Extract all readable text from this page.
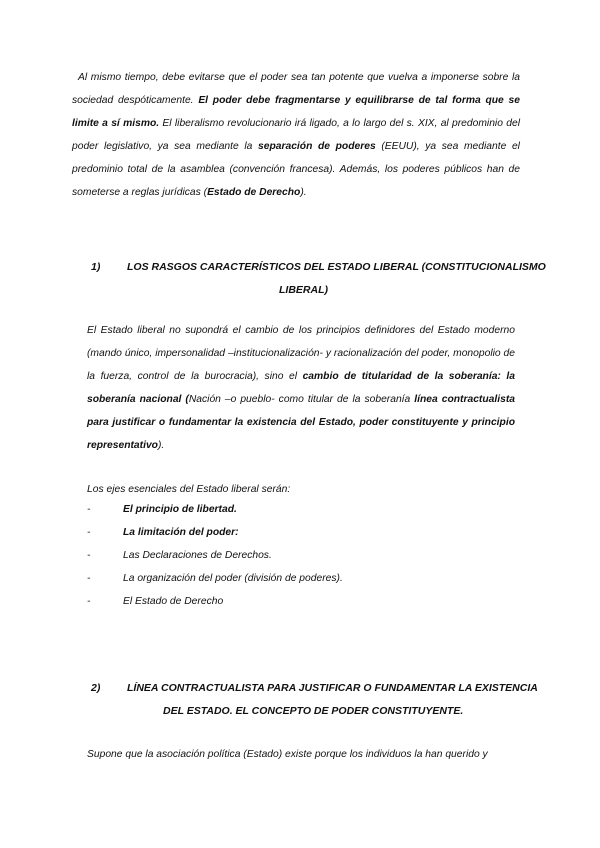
Al mismo tiempo, debe evitarse que el poder sea tan potente que vuelva a imponerse sobre la sociedad despóticamente. El poder debe fragmentarse y equilibrarse de tal forma que se limite a sí mismo. El liberalismo revolucionario irá ligado, a lo largo del s. XIX, al predominio del poder legislativo, ya sea mediante la separación de poderes (EEUU), ya sea mediante el predominio total de la asamblea (convención francesa). Además, los poderes públicos han de someterse a reglas jurídicas (Estado de Derecho).

1)	LOS RASGOS CARACTERÍSTICOS DEL ESTADO LIBERAL (CONSTITUCIONALISMO
LIBERAL)

El Estado liberal no supondrá el cambio de los principios definidores del Estado moderno (mando único, impersonalidad –institucionalización- y racionalización del poder, monopolio de la fuerza, control de la burocracia), sino el cambio de titularidad de la soberanía: la soberanía nacional (Nación –o pueblo- como titular de la soberanía línea contractualista para justificar o fundamentar la existencia del Estado, poder constituyente y principio representativo).

Los ejes esenciales del Estado liberal serán:

-	El principio de libertad.
-	La limitación del poder:
-	Las Declaraciones de Derechos.
-	La organización del poder (división de poderes).
-	El Estado de Derecho
2)	LÍNEA CONTRACTUALISTA PARA JUSTIFICAR O FUNDAMENTAR LA EXISTENCIA
DEL ESTADO. EL CONCEPTO DE PODER CONSTITUYENTE.

Supone que la asociación política (Estado) existe porque los individuos la han querido y
